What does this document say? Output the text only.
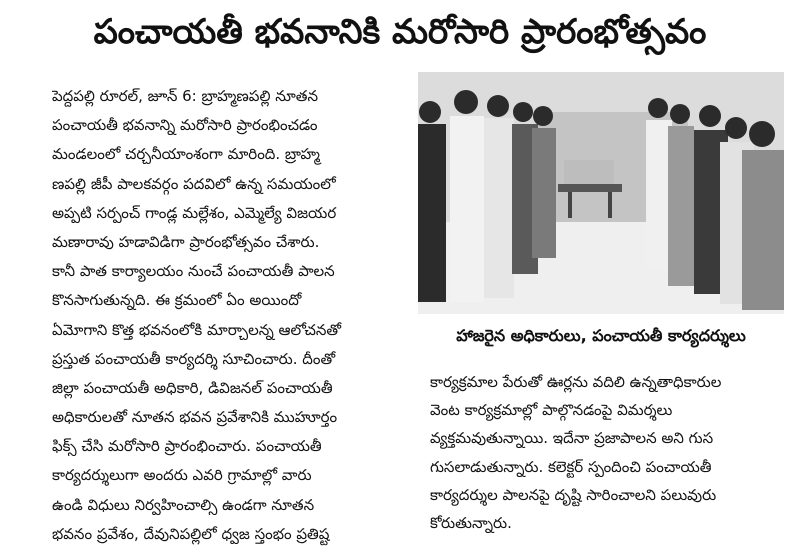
పంచాయతీ భవనానికి మరోసారి ప్రారంభోత్సవం
పెద్దపల్లి రూరల్, జూన్ 6: బ్రాహ్మణపల్లి నూతన
పంచాయతీ భవనాన్ని మరోసారి ప్రారంభించడం
మండలంలో చర్చనీయాంశంగా మారింది. బ్రాహ్మ
ణపల్లి జీపీ పాలకవర్గం పదవిలో ఉన్న సమయంలో
అప్పటి సర్పంచ్ గాండ్ల మల్లేశం, ఎమ్మెల్యే విజయర
మణారావు హడావిడిగా ప్రారంభోత్సవం చేశారు.
కానీ పాత కార్యాలయం నుంచే పంచాయతీ పాలన
కొనసాగుతున్నది. ఈ క్రమంలో ఏం అయిందో
ఏమోగాని కొత్త భవనంలోకి మార్చాలన్న ఆలోచనతో
ప్రస్తుత పంచాయతీ కార్యదర్శి సూచించారు. దీంతో
జిల్లా పంచాయతీ అధికారి, డివిజనల్ పంచాయతీ
అధికారులతో నూతన భవన ప్రవేశానికి ముహూర్తం
ఫిక్స్ చేసి మరోసారి ప్రారంభించారు. పంచాయతీ
కార్యదర్శులుగా అందరు ఎవరి గ్రామాల్లో వారు
ఉండి విధులు నిర్వహించాల్సి ఉండగా నూతన
భవనం ప్రవేశం, దేవునిపల్లిలో ధ్వజ స్తంభం ప్రతిష్ట
హాజరైన అధికారులు, పంచాయతీ కార్యదర్శులు
కార్యక్రమాల పేరుతో ఊర్లను వదిలి ఉన్నతాధికారుల
వెంట కార్యక్రమాల్లో పాల్గొనడంపై విమర్శలు
వ్యక్తమవుతున్నాయి. ఇదేనా ప్రజాపాలన అని గుస
గుసలాడుతున్నారు. కలెక్టర్ స్పందించి పంచాయతీ
కార్యదర్శుల పాలనపై దృష్టి సారించాలని పలువురు
కోరుతున్నారు.
